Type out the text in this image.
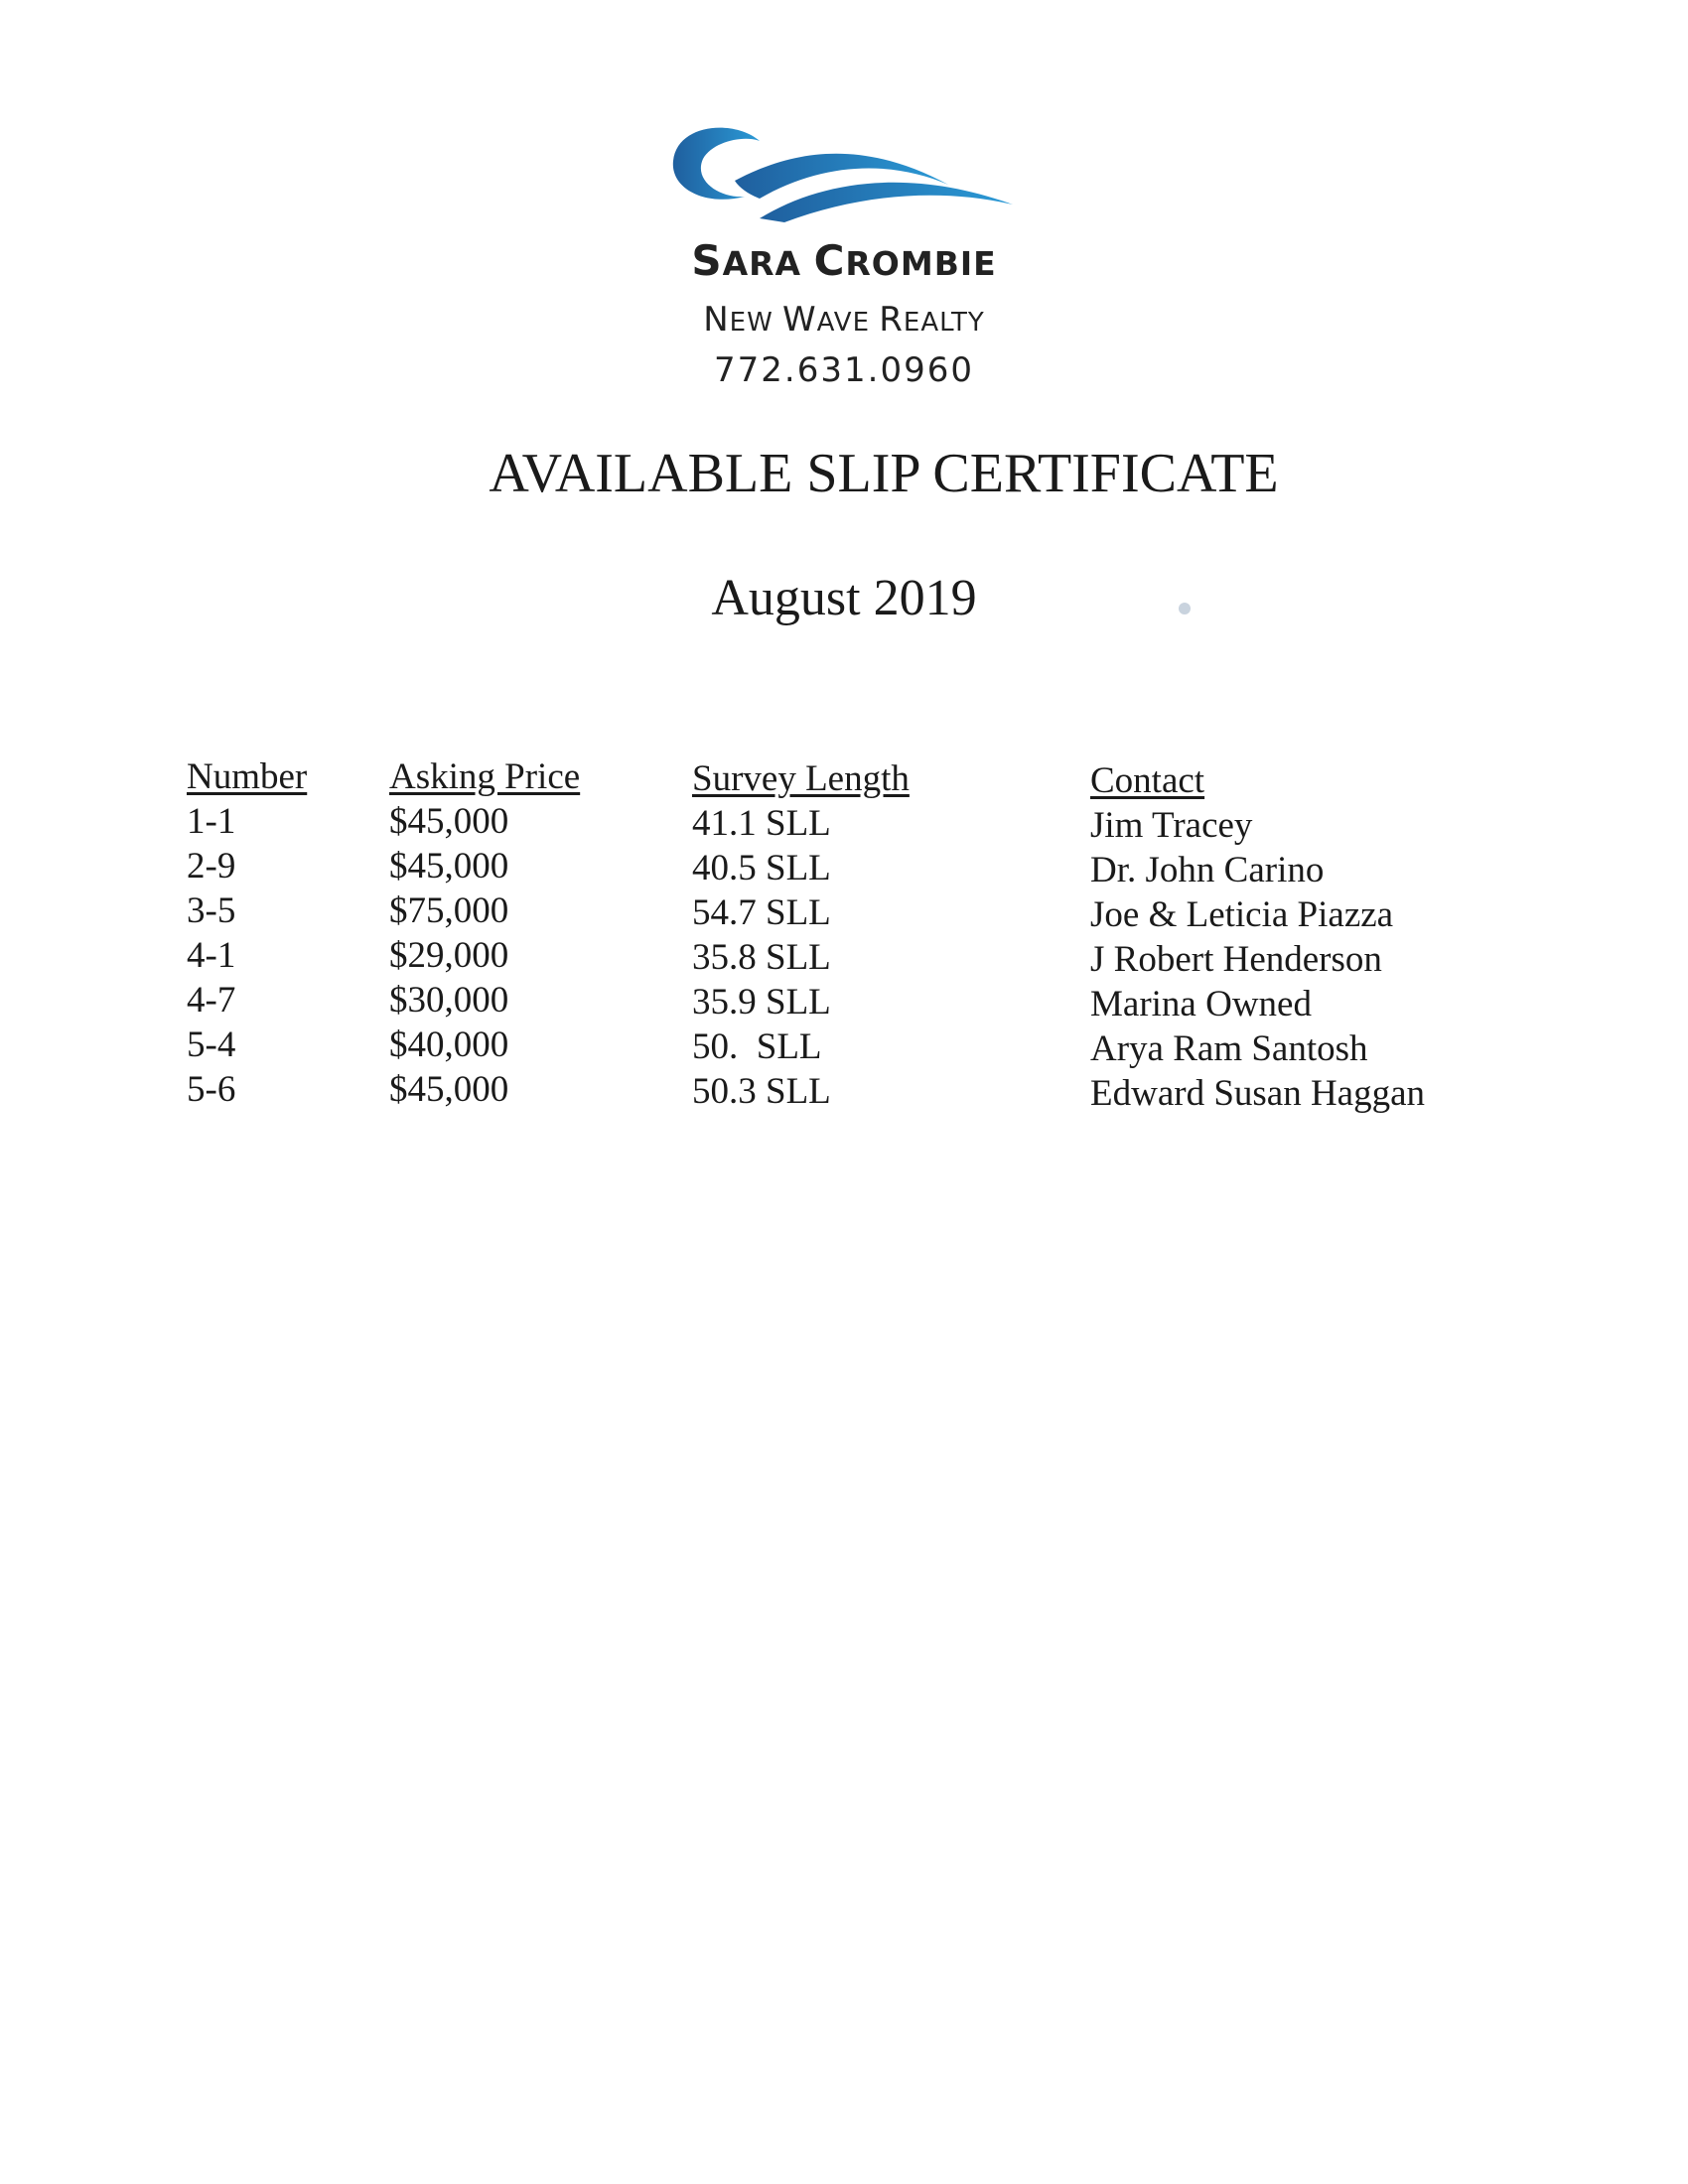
SARA CROMBIE
NEW WAVE REALTY
772.631.0960
AVAILABLE SLIP CERTIFICATE
August 2019
Number
1-1
2-9
3-5
4-1
4-7
5-4
5-6
Asking Price
$45,000
$45,000
$75,000
$29,000
$30,000
$40,000
$45,000
Survey Length
41.1 SLL
40.5 SLL
54.7 SLL
35.8 SLL
35.9 SLL
50.  SLL
50.3 SLL
Contact
Jim Tracey
Dr. John Carino
Joe & Leticia Piazza
J Robert Henderson
Marina Owned
Arya Ram Santosh
Edward Susan Haggan
